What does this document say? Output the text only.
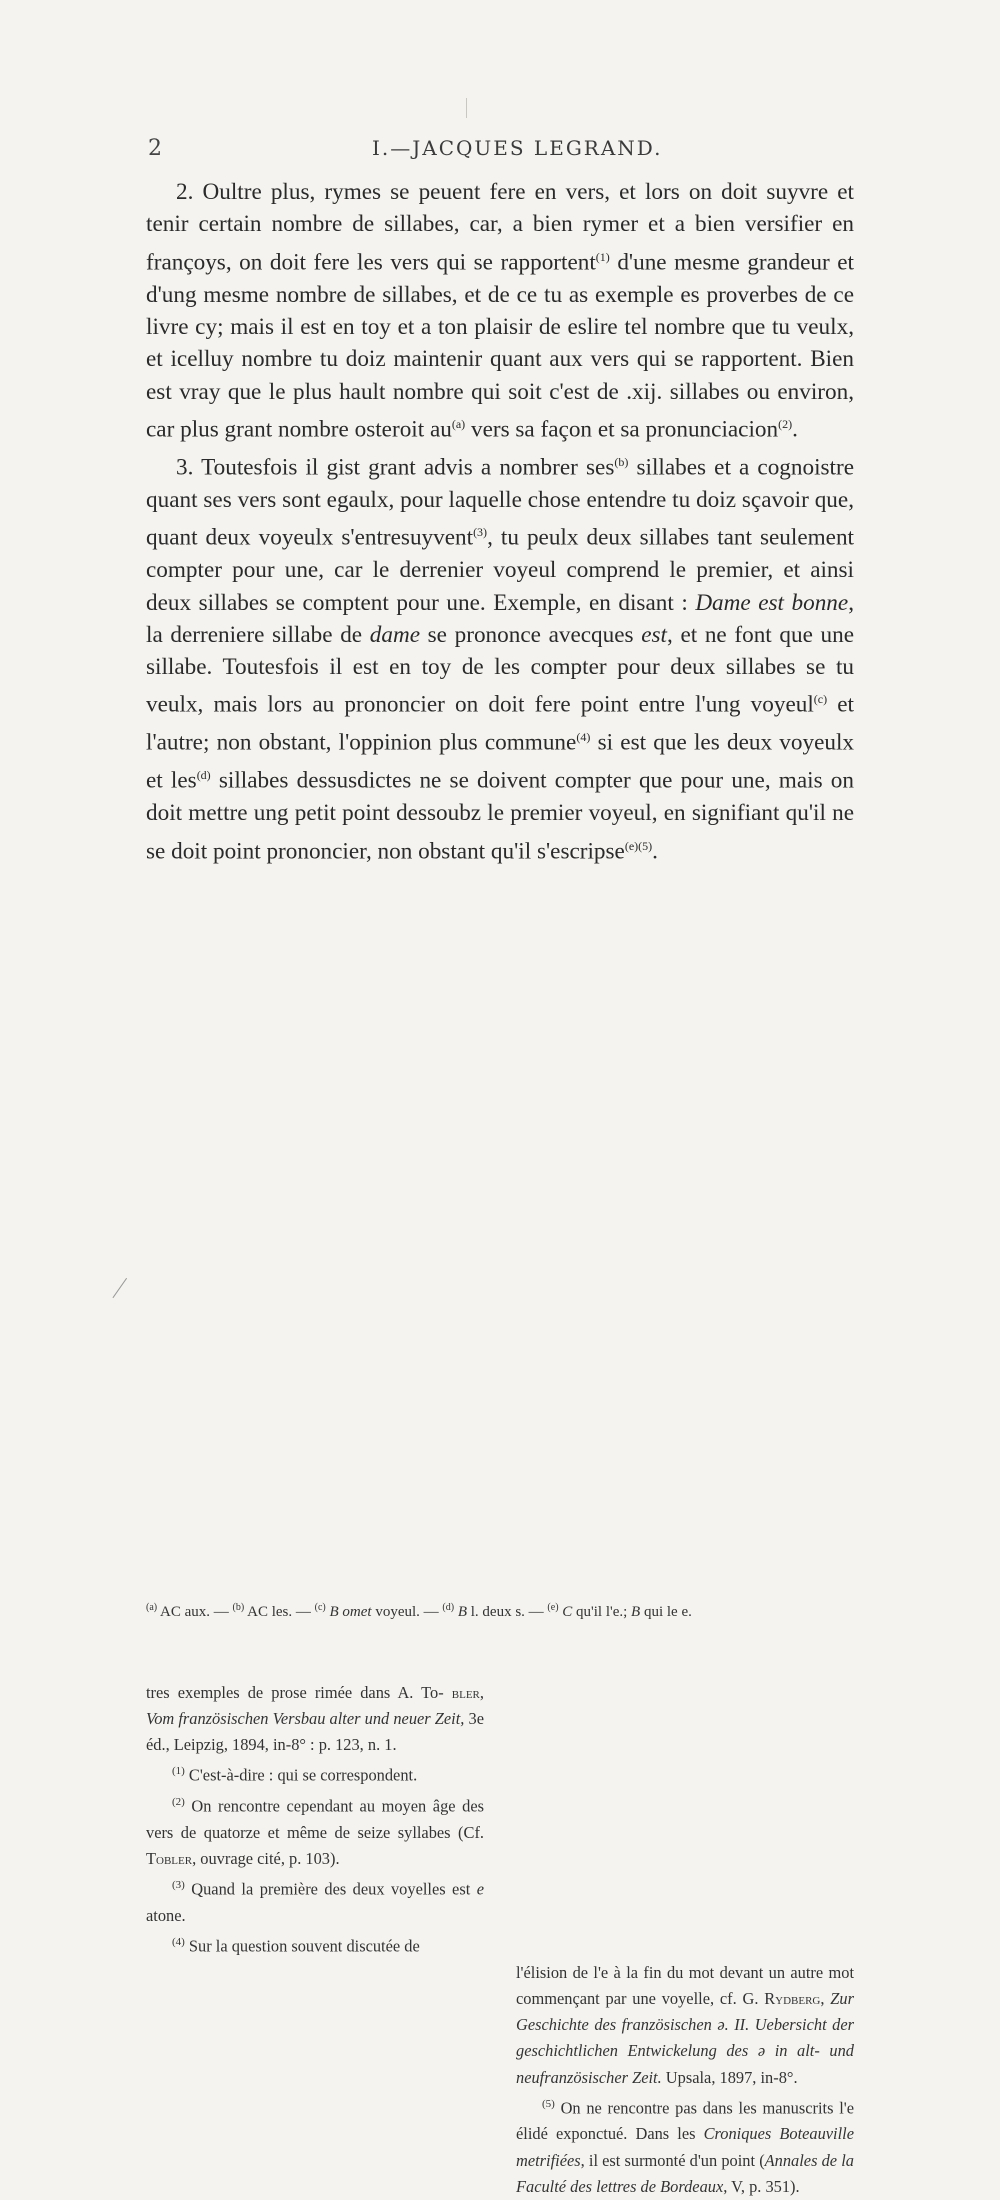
2	I.—JACQUES LEGRAND.

2. Oultre plus, rymes se peuent fere en vers, et lors on doit suyvre et tenir certain nombre de sillabes, car, a bien rymer et a bien versifier en françoys, on doit fere les vers qui se rapportent$^{(1)}$ d'une mesme grandeur et d'ung mesme nombre de sillabes, et de ce tu as exemple es proverbes de ce livre cy; mais il est en toy et a ton plaisir de eslire tel nombre que tu veulx, et icelluy nombre tu doiz maintenir quant aux vers qui se rapportent. Bien est vray que le plus hault nombre qui soit c'est de .xij. sillabes ou environ, car plus grant nombre osteroit $au^{(a)}$ vers sa façon et sa pronunciacion$^{(2)}$.

3. Toutesfois il gist grant advis a nombrer ses$^{(b)}$ sillabes et a cognoistre quant ses vers sont egaulx, pour laquelle chose entendre tu doiz sçavoir que, quant deux voyeulx s'entresuyvent$^{(3)}$, tu peulx deux sillabes tant seulement compter pour une, car le derrenier voyeul comprend le premier, et ainsi deux sillabes se comptent pour une. Exemple, en disant : Dame est bonne, la derreniere sillabe de dame se prononce avecques est, et ne font que une sillabe. Toutesfois il est en toy de les compter pour deux sillabes se tu veulx, mais lors au prononcier on doit fere point entre l'ung voyeul$^{(c)}$ et l'autre; non obstant, l'oppinion plus commune$^{(4)}$ si est que les deux voyeulx et les$^{(d)}$ sillabes dessusdictes ne se doivent compter que pour une, mais on doit mettre ung petit point dessoubz le premier voyeul, en signifiant qu'il ne se doit point prononcier, non obstant qu'il s'escripse$^{(e)(5)}$.

$^{(a)}$ AC aux. — $^{(b)}$ AC les. — $^{(c)}$ B omet voyeul. — $^{(d)}$ B l. deux s. — $^{(e)}$ C qu'il l'e.; B qui le e.

tres exemples de prose rimée dans A. To- bler, Vom französischen Versbau alter und neuer Zeit, 3e éd., Leipzig, 1894, in-8° : p. 123, n. 1.

$^{(1)}$ C'est-à-dire : qui se correspondent.

$^{(2)}$ On rencontre cependant au moyen âge des vers de quatorze et même de seize syllabes (Cf. Tobler, ouvrage cité, p. 103).

$^{(3)}$ Quand la première des deux voyelles est e atone.

$^{(4)}$ Sur la question souvent discutée de

l'élision de l'e à la fin du mot devant un autre mot commençant par une voyelle, cf. G. Rydberg, Zur Geschichte des französischen ə. II. Uebersicht der geschichtlichen Entwickelung des ə in alt- und neufranzösischer Zeit. Upsala, 1897, in-8°.

$^{(5)}$ On ne rencontre pas dans les manuscrits l'e élidé exponctué. Dans les Croniques Boteauville metrifiées, il est surmonté d'un point (Annales de la Faculté des lettres de Bordeaux, V, p. 351).
